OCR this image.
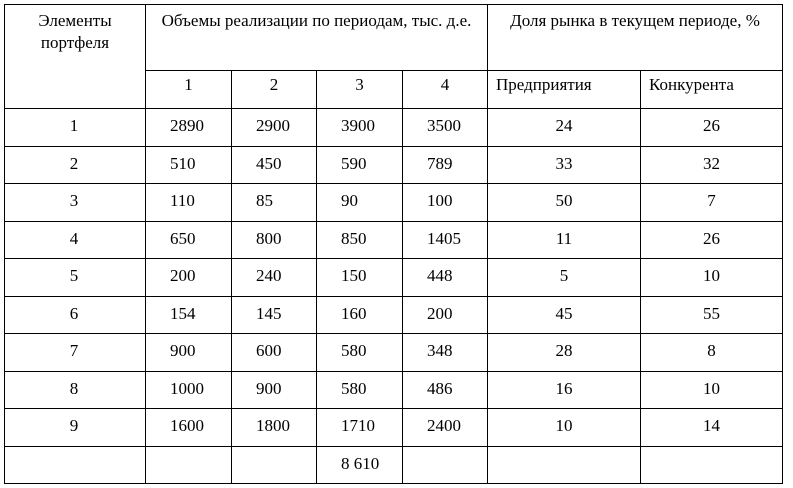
Элементы портфеля	Объемы реализации по периодам, тыс. д.е.				Доля рынка в текущем периоде, %	
	1	2	3	4	Предприятия	Конкурента
1	2890	2900	3900	3500	24	26
2	510	450	590	789	33	32
3	110	85	90	100	50	7
4	650	800	850	1405	11	26
5	200	240	150	448	5	10
6	154	145	160	200	45	55
7	900	600	580	348	28	8
8	1000	900	580	486	16	10
9	1600	1800	1710	2400	10	14
			8 610			
